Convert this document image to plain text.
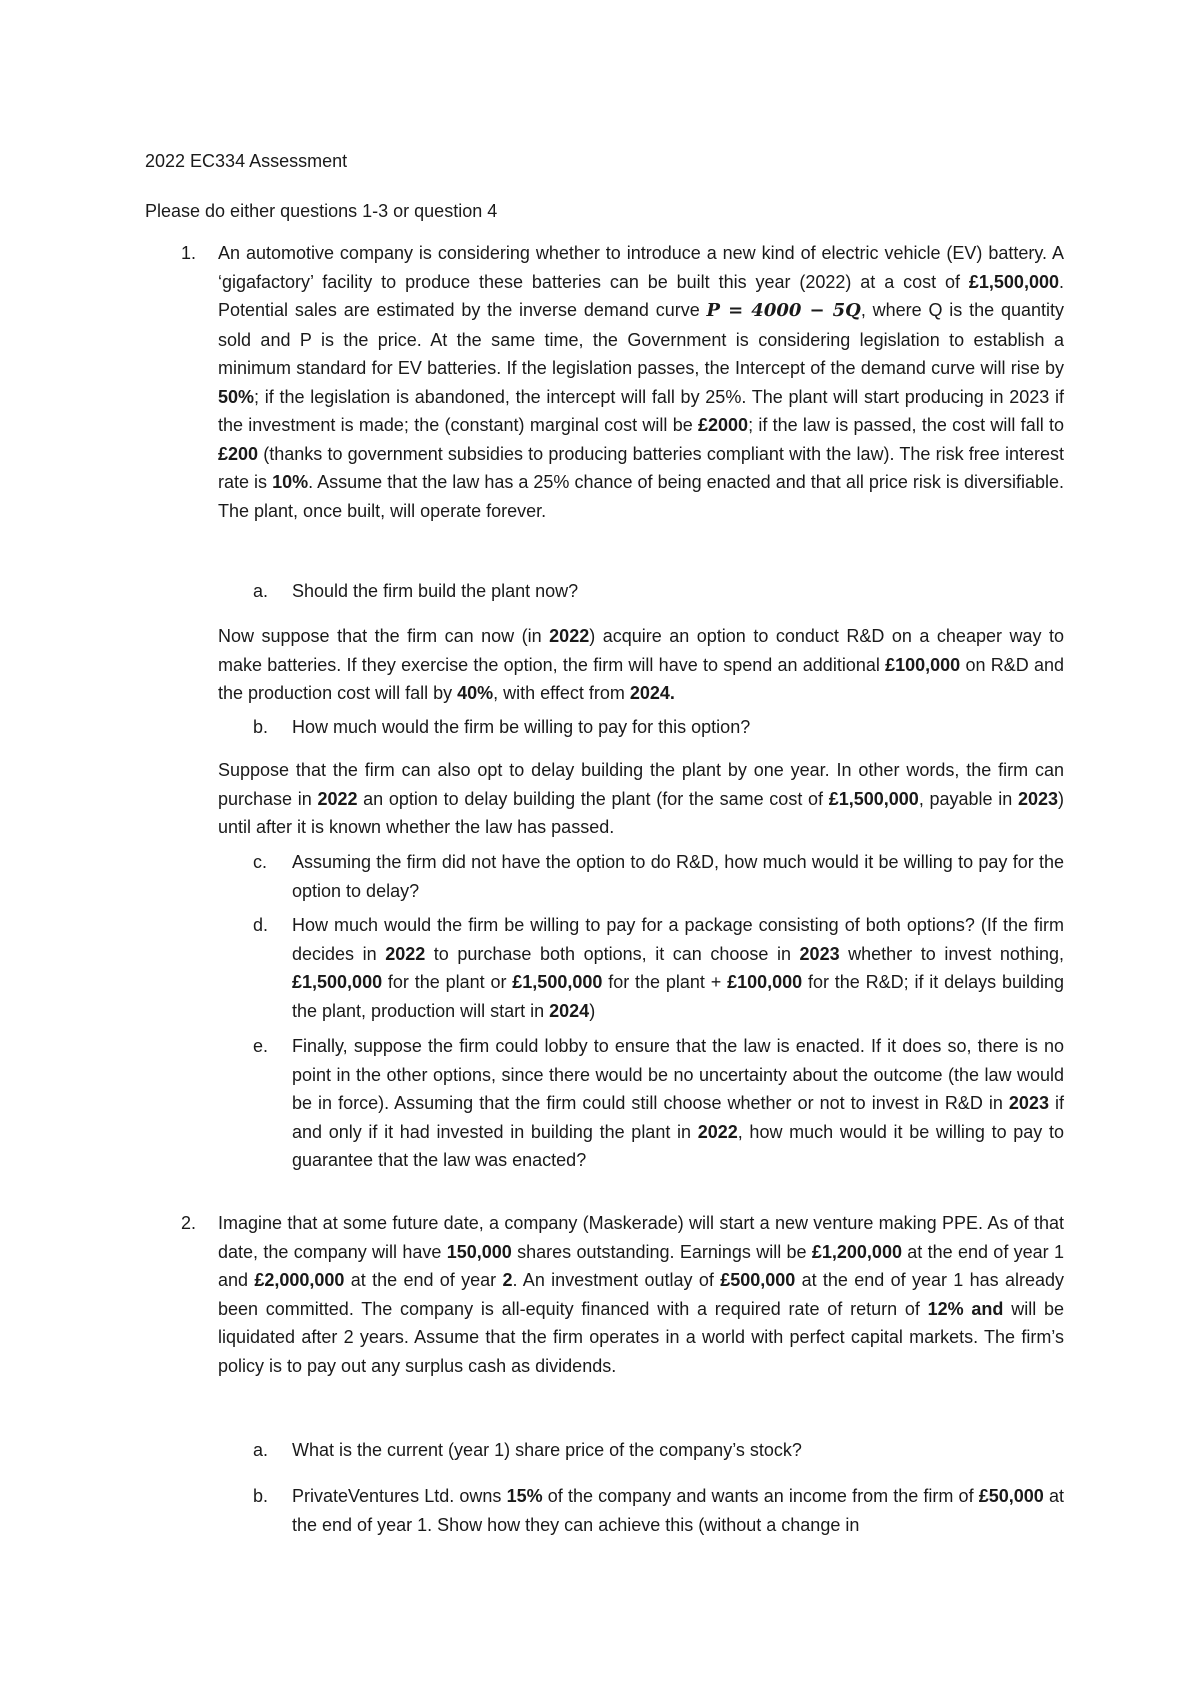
2022 EC334 Assessment
Please do either questions 1-3 or question 4
1. An automotive company is considering whether to introduce a new kind of electric vehicle (EV) battery. A ‘gigafactory’ facility to produce these batteries can be built this year (2022) at a cost of £1,500,000. Potential sales are estimated by the inverse demand curve P = 4000 − 5Q, where Q is the quantity sold and P is the price. At the same time, the Government is considering legislation to establish a minimum standard for EV batteries. If the legislation passes, the Intercept of the demand curve will rise by 50%; if the legislation is abandoned, the intercept will fall by 25%. The plant will start producing in 2023 if the investment is made; the (constant) marginal cost will be £2000; if the law is passed, the cost will fall to £200 (thanks to government subsidies to producing batteries compliant with the law). The risk free interest rate is 10%. Assume that the law has a 25% chance of being enacted and that all price risk is diversifiable. The plant, once built, will operate forever.
a. Should the firm build the plant now?
Now suppose that the firm can now (in 2022) acquire an option to conduct R&D on a cheaper way to make batteries. If they exercise the option, the firm will have to spend an additional £100,000 on R&D and the production cost will fall by 40%, with effect from 2024.
b. How much would the firm be willing to pay for this option?
Suppose that the firm can also opt to delay building the plant by one year. In other words, the firm can purchase in 2022 an option to delay building the plant (for the same cost of £1,500,000, payable in 2023) until after it is known whether the law has passed.
c. Assuming the firm did not have the option to do R&D, how much would it be willing to pay for the option to delay?
d. How much would the firm be willing to pay for a package consisting of both options? (If the firm decides in 2022 to purchase both options, it can choose in 2023 whether to invest nothing, £1,500,000 for the plant or £1,500,000 for the plant + £100,000 for the R&D; if it delays building the plant, production will start in 2024)
e. Finally, suppose the firm could lobby to ensure that the law is enacted. If it does so, there is no point in the other options, since there would be no uncertainty about the outcome (the law would be in force). Assuming that the firm could still choose whether or not to invest in R&D in 2023 if and only if it had invested in building the plant in 2022, how much would it be willing to pay to guarantee that the law was enacted?
2. Imagine that at some future date, a company (Maskerade) will start a new venture making PPE. As of that date, the company will have 150,000 shares outstanding. Earnings will be £1,200,000 at the end of year 1 and £2,000,000 at the end of year 2. An investment outlay of £500,000 at the end of year 1 has already been committed. The company is all-equity financed with a required rate of return of 12% and will be liquidated after 2 years. Assume that the firm operates in a world with perfect capital markets. The firm’s policy is to pay out any surplus cash as dividends.
a. What is the current (year 1) share price of the company’s stock?
b. PrivateVentures Ltd. owns 15% of the company and wants an income from the firm of £50,000 at the end of year 1. Show how they can achieve this (without a change in
